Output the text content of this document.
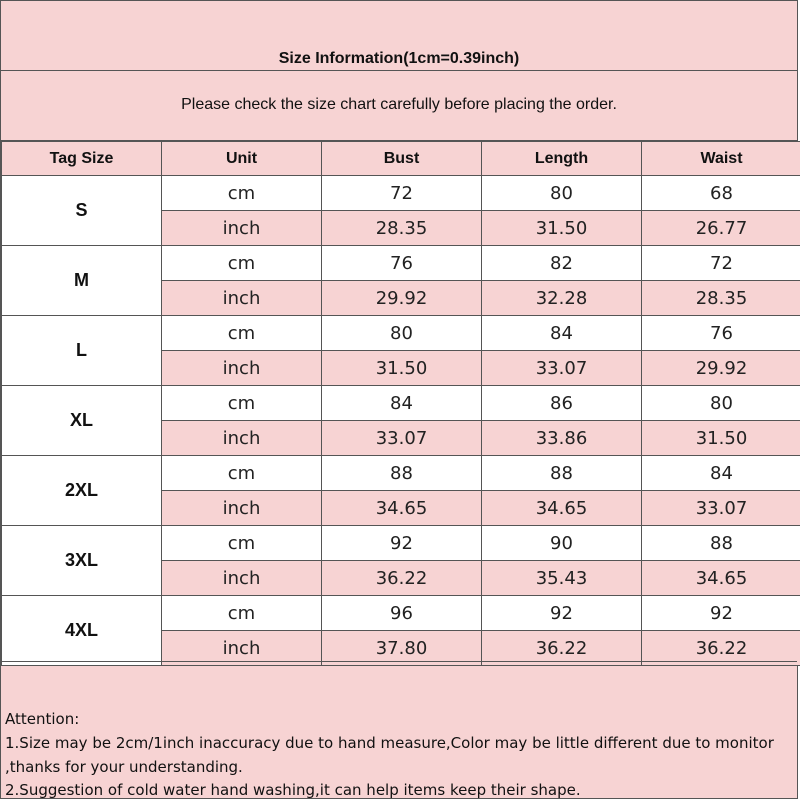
Size Information(1cm=0.39inch)
Please check the size chart carefully before placing the order.
Tag Size	Unit	Bust	Length	Waist
S	cm	72	80	68
	inch	28.35	31.50	26.77
M	cm	76	82	72
	inch	29.92	32.28	28.35
L	cm	80	84	76
	inch	31.50	33.07	29.92
XL	cm	84	86	80
	inch	33.07	33.86	31.50
2XL	cm	88	88	84
	inch	34.65	34.65	33.07
3XL	cm	92	90	88
	inch	36.22	35.43	34.65
4XL	cm	96	92	92
	inch	37.80	36.22	36.22
Attention:
1.Size may be 2cm/1inch inaccuracy due to hand measure,Color may be little different due to monitor
,thanks for your understanding.
2.Suggestion of cold water hand washing,it can help items keep their shape.
